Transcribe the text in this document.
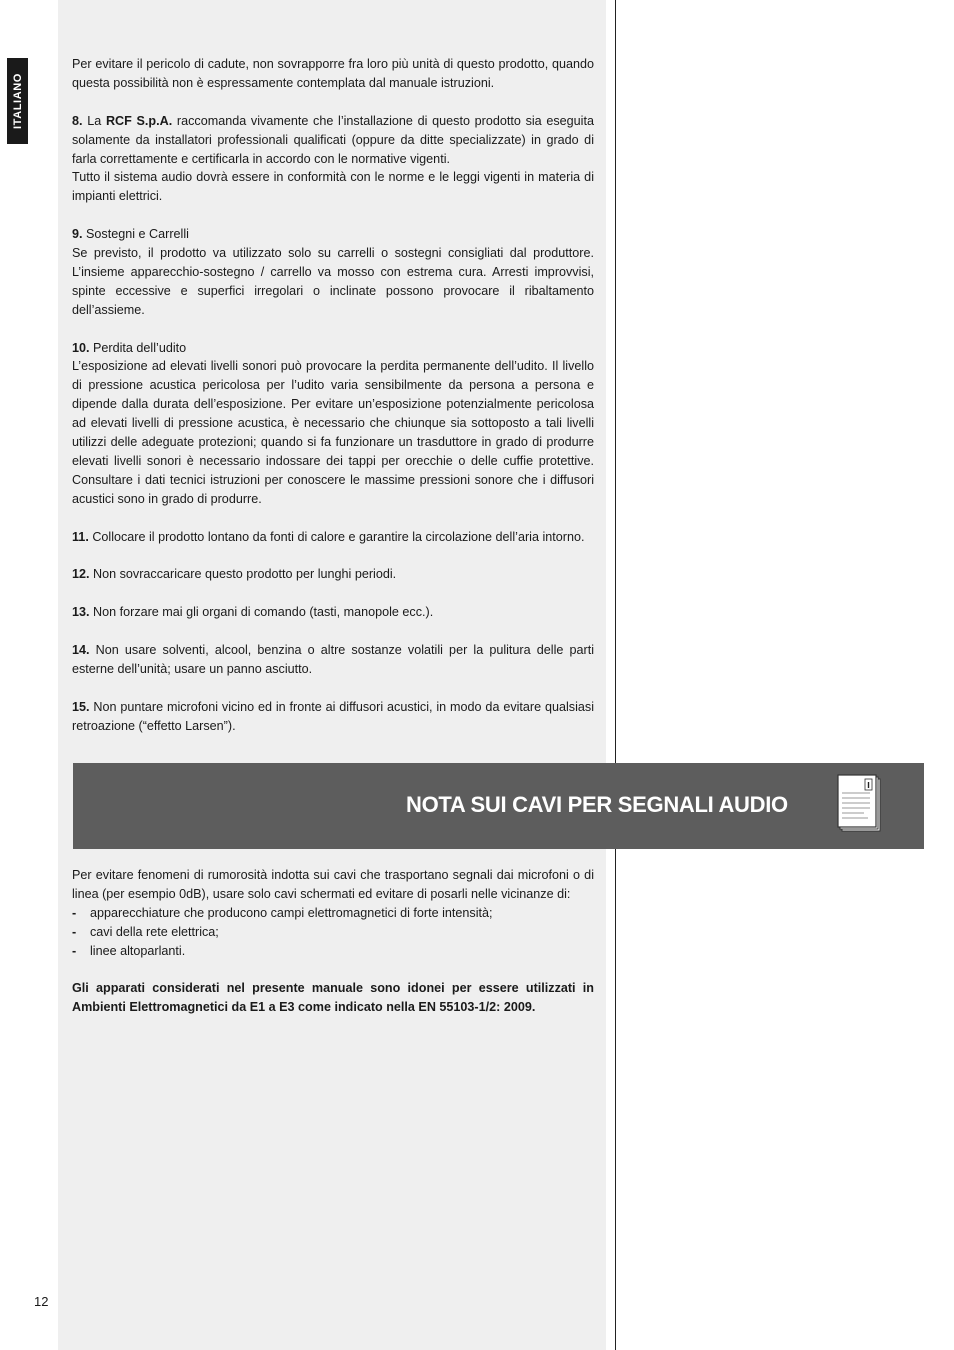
ITALIANO

Per evitare il pericolo di cadute, non sovrapporre fra loro più unità di questo prodotto, quando questa possibilità non è espressamente contemplata dal manuale istruzioni.

8. La RCF S.p.A. raccomanda vivamente che l’installazione di questo prodotto sia eseguita solamente da installatori professionali qualificati (oppure da ditte specializzate) in grado di farla correttamente e certificarla in accordo con le normative vigenti.

Tutto il sistema audio dovrà essere in conformità con le norme e le leggi vigenti in materia di impianti elettrici.

9. Sostegni e Carrelli

Se previsto, il prodotto va utilizzato solo su carrelli o sostegni consigliati dal produttore. L’insieme apparecchio-sostegno / carrello va mosso con estrema cura. Arresti improvvisi, spinte eccessive e superfici irregolari o inclinate possono provocare il ribaltamento dell’assieme.

10. Perdita dell’udito

L’esposizione ad elevati livelli sonori può provocare la perdita permanente dell’udito. Il livello di pressione acustica pericolosa per l’udito varia sensibilmente da persona a persona e dipende dalla durata dell’esposizione. Per evitare un’esposizione potenzialmente pericolosa ad elevati livelli di pressione acustica, è necessario che chiunque sia sottoposto a tali livelli utilizzi delle adeguate protezioni; quando si fa funzionare un trasduttore in grado di produrre elevati livelli sonori è necessario indossare dei tappi per orecchie o delle cuffie protettive. Consultare i dati tecnici istruzioni per conoscere le massime pressioni sonore che i diffusori acustici sono in grado di produrre.

11. Collocare il prodotto lontano da fonti di calore e garantire la circolazione dell’aria intorno.

12. Non sovraccaricare questo prodotto per lunghi periodi.

13. Non forzare mai gli organi di comando (tasti, manopole ecc.).

14. Non usare solventi, alcool, benzina o altre sostanze volatili per la pulitura delle parti esterne dell’unità; usare un panno asciutto.

15. Non puntare microfoni vicino ed in fronte ai diffusori acustici, in modo da evitare qualsiasi retroazione (“effetto Larsen”).

NOTA SUI CAVI PER SEGNALI AUDIO

Per evitare fenomeni di rumorosità indotta sui cavi che trasportano segnali dai microfoni o di linea (per esempio 0dB), usare solo cavi schermati ed evitare di posarli nelle vicinanze di:

- apparecchiature che producono campi elettromagnetici di forte intensità;
- cavi della rete elettrica;
- linee altoparlanti.

Gli apparati considerati nel presente manuale sono idonei per essere utilizzati in Ambienti Elettromagnetici da E1 a E3 come indicato nella EN 55103-1/2: 2009.

12
